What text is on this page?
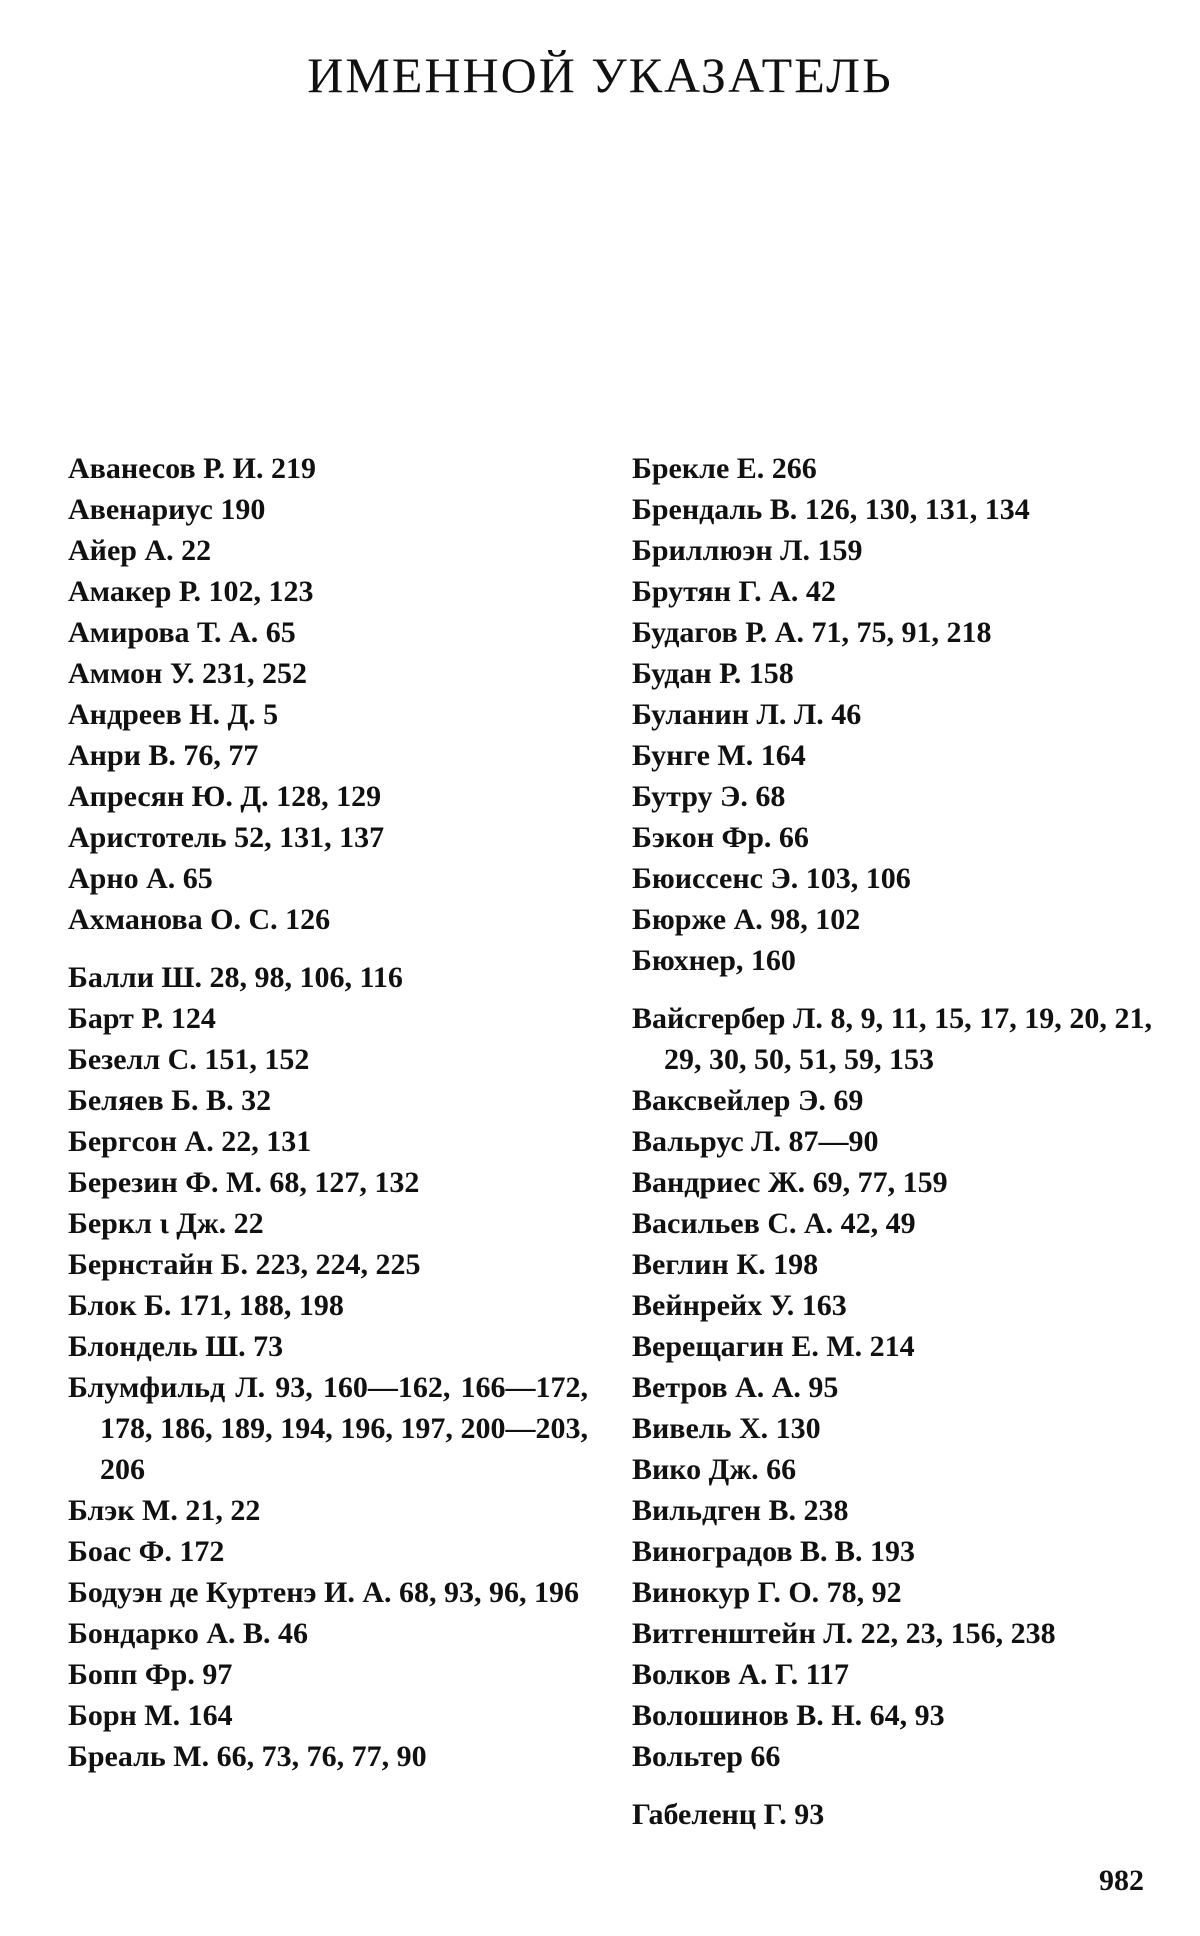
ИМЕННОЙ УКАЗАТЕЛЬ
Аванесов Р. И. 219
Авенариус 190
Айер А. 22
Амакер Р. 102, 123
Амирова Т. А. 65
Аммон У. 231, 252
Андреев Н. Д. 5
Анри В. 76, 77
Апресян Ю. Д. 128, 129
Аристотель 52, 131, 137
Арно А. 65
Ахманова О. С. 126
Балли Ш. 28, 98, 106, 116
Барт Р. 124
Безелл С. 151, 152
Беляев Б. В. 32
Бергсон А. 22, 131
Березин Ф. М. 68, 127, 132
Беркл ι Дж. 22
Бернстайн Б. 223, 224, 225
Блок Б. 171, 188, 198
Блондель Ш. 73
Блумфильд Л. 93, 160—162, 166—172, 178, 186, 189, 194, 196, 197, 200—203, 206
Блэк М. 21, 22
Боас Ф. 172
Бодуэн де Куртенэ И. А. 68, 93, 96, 196
Бондарко А. В. 46
Бопп Фр. 97
Борн М. 164
Бреаль М. 66, 73, 76, 77, 90
Брекле Е. 266
Брендаль В. 126, 130, 131, 134
Бриллюэн Л. 159
Брутян Г. А. 42
Будагов Р. А. 71, 75, 91, 218
Будан Р. 158
Буланин Л. Л. 46
Бунге М. 164
Бутру Э. 68
Бэкон Фр. 66
Бюиссенс Э. 103, 106
Бюрже А. 98, 102
Бюхнер, 160
Вайсгербер Л. 8, 9, 11, 15, 17, 19, 20, 21, 29, 30, 50, 51, 59, 153
Ваксвейлер Э. 69
Вальрус Л. 87—90
Вандриес Ж. 69, 77, 159
Васильев С. А. 42, 49
Веглин К. 198
Вейнрейх У. 163
Верещагин Е. М. 214
Ветров А. А. 95
Вивель Х. 130
Вико Дж. 66
Вильдген В. 238
Виноградов В. В. 193
Винокур Г. О. 78, 92
Витгенштейн Л. 22, 23, 156, 238
Волков А. Г. 117
Волошинов В. Н. 64, 93
Вольтер 66
Габеленц Г. 93
982
